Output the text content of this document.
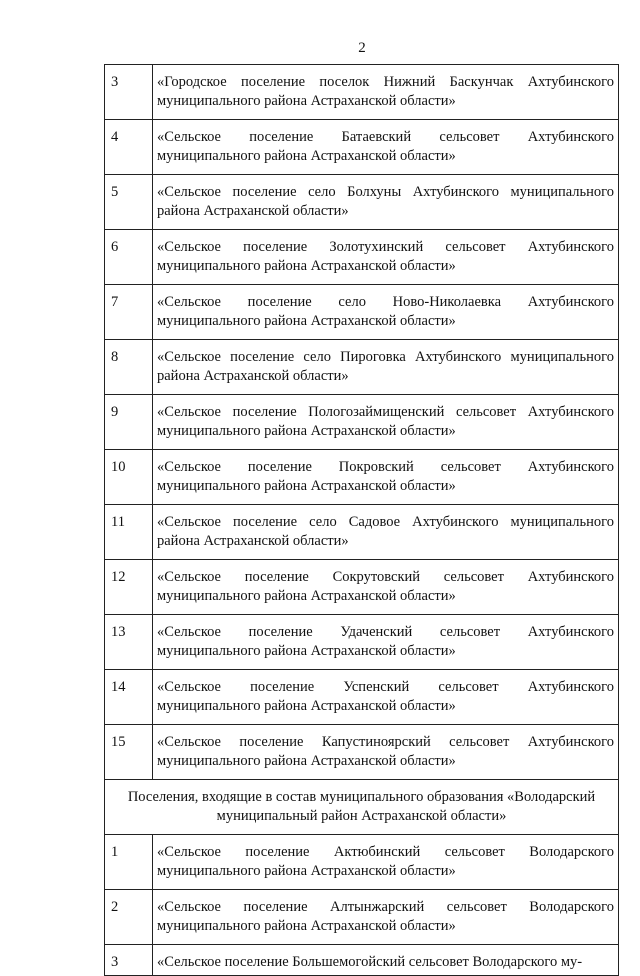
2
3	«Городское поселение поселок Нижний Баскунчак Ахтубинского муниципального района Астраханской области»
4	«Сельское поселение Батаевский сельсовет Ахтубинского муниципального района Астраханской области»
5	«Сельское поселение село Болхуны Ахтубинского муниципального района Астраханской области»
6	«Сельское поселение Золотухинский сельсовет Ахтубинского муниципального района Астраханской области»
7	«Сельское поселение село Ново-Николаевка Ахтубинского муниципального района Астраханской области»
8	«Сельское поселение село Пироговка Ахтубинского муниципального района Астраханской области»
9	«Сельское поселение Пологозаймищенский сельсовет Ахтубинского муниципального района Астраханской области»
10	«Сельское поселение Покровский сельсовет Ахтубинского муниципального района Астраханской области»
11	«Сельское поселение село Садовое Ахтубинского муниципального района Астраханской области»
12	«Сельское поселение Сокрутовский сельсовет Ахтубинского муниципального района Астраханской области»
13	«Сельское поселение Удаченский сельсовет Ахтубинского муниципального района Астраханской области»
14	«Сельское поселение Успенский сельсовет Ахтубинского муниципального района Астраханской области»
15	«Сельское поселение Капустиноярский сельсовет Ахтубинского муниципального района Астраханской области»
Поселения, входящие в состав муниципального образования «Володарский муниципальный район Астраханской области»	
1	«Сельское поселение Актюбинский сельсовет Володарского муниципального района Астраханской области»
2	«Сельское поселение Алтынжарский сельсовет Володарского муниципального района Астраханской области»
3	«Сельское поселение Большемогойский сельсовет Володарского му-
